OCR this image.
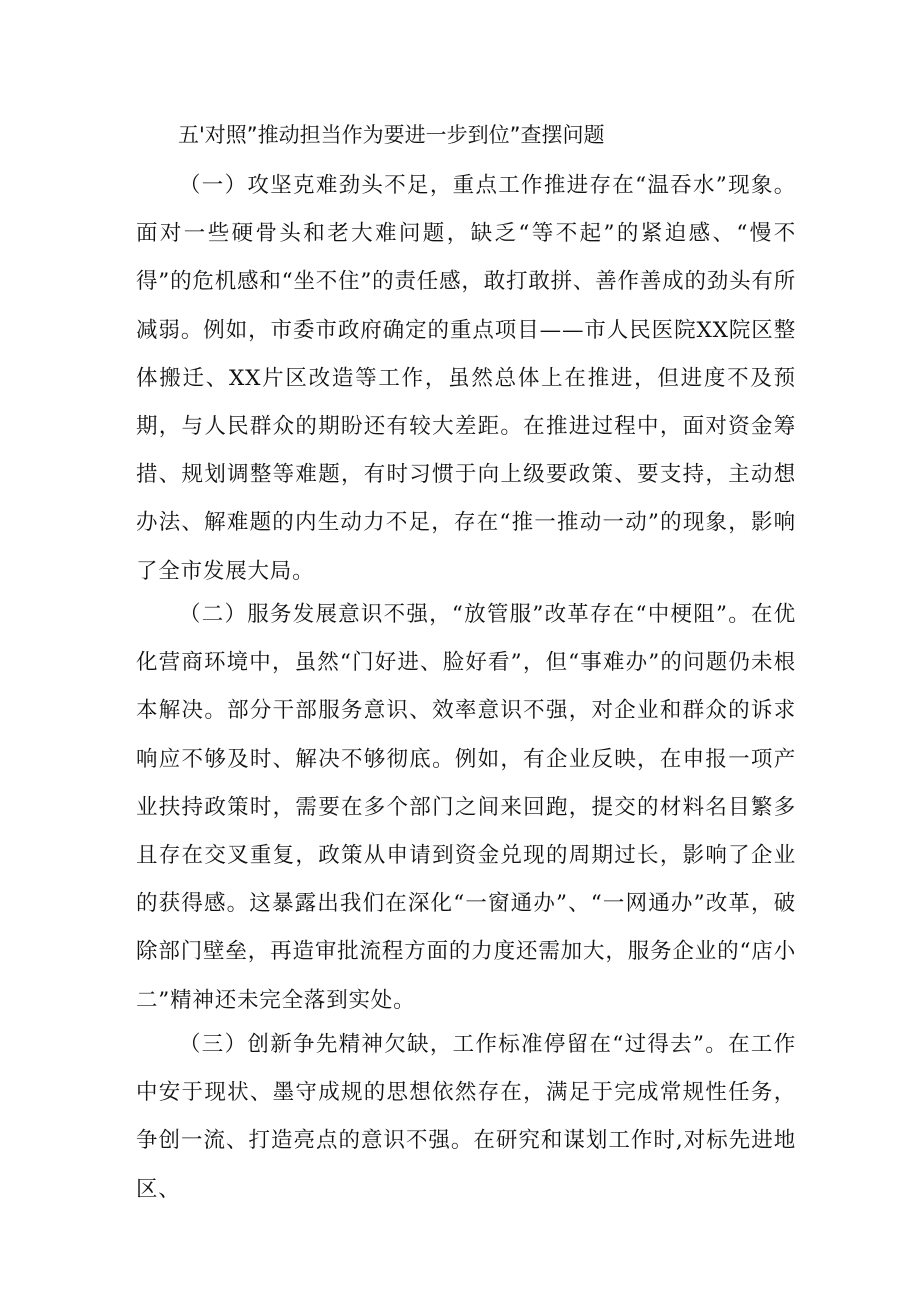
五'对照”推动担当作为要进一步到位”查摆问题

（一）攻坚克难劲头不足，重点工作推进存在“温吞水”现象。面对一些硬骨头和老大难问题，缺乏“等不起”的紧迫感、“慢不得”的危机感和“坐不住”的责任感，敢打敢拼、善作善成的劲头有所减弱。例如，市委市政府确定的重点项目——市人民医院XX院区整体搬迁、XX片区改造等工作，虽然总体上在推进，但进度不及预期，与人民群众的期盼还有较大差距。在推进过程中，面对资金筹措、规划调整等难题，有时习惯于向上级要政策、要支持，主动想办法、解难题的内生动力不足，存在“推一推动一动”的现象，影响了全市发展大局。

（二）服务发展意识不强，“放管服”改革存在“中梗阻”。在优化营商环境中，虽然“门好进、脸好看”，但“事难办”的问题仍未根本解决。部分干部服务意识、效率意识不强，对企业和群众的诉求响应不够及时、解决不够彻底。例如，有企业反映，在申报一项产业扶持政策时，需要在多个部门之间来回跑，提交的材料名目繁多且存在交叉重复，政策从申请到资金兑现的周期过长，影响了企业的获得感。这暴露出我们在深化“一窗通办”、“一网通办”改革，破除部门壁垒，再造审批流程方面的力度还需加大，服务企业的“店小二”精神还未完全落到实处。

（三）创新争先精神欠缺，工作标准停留在“过得去”。在工作中安于现状、墨守成规的思想依然存在，满足于完成常规性任务，争创一流、打造亮点的意识不强。在研究和谋划工作时,对标先进地区、
